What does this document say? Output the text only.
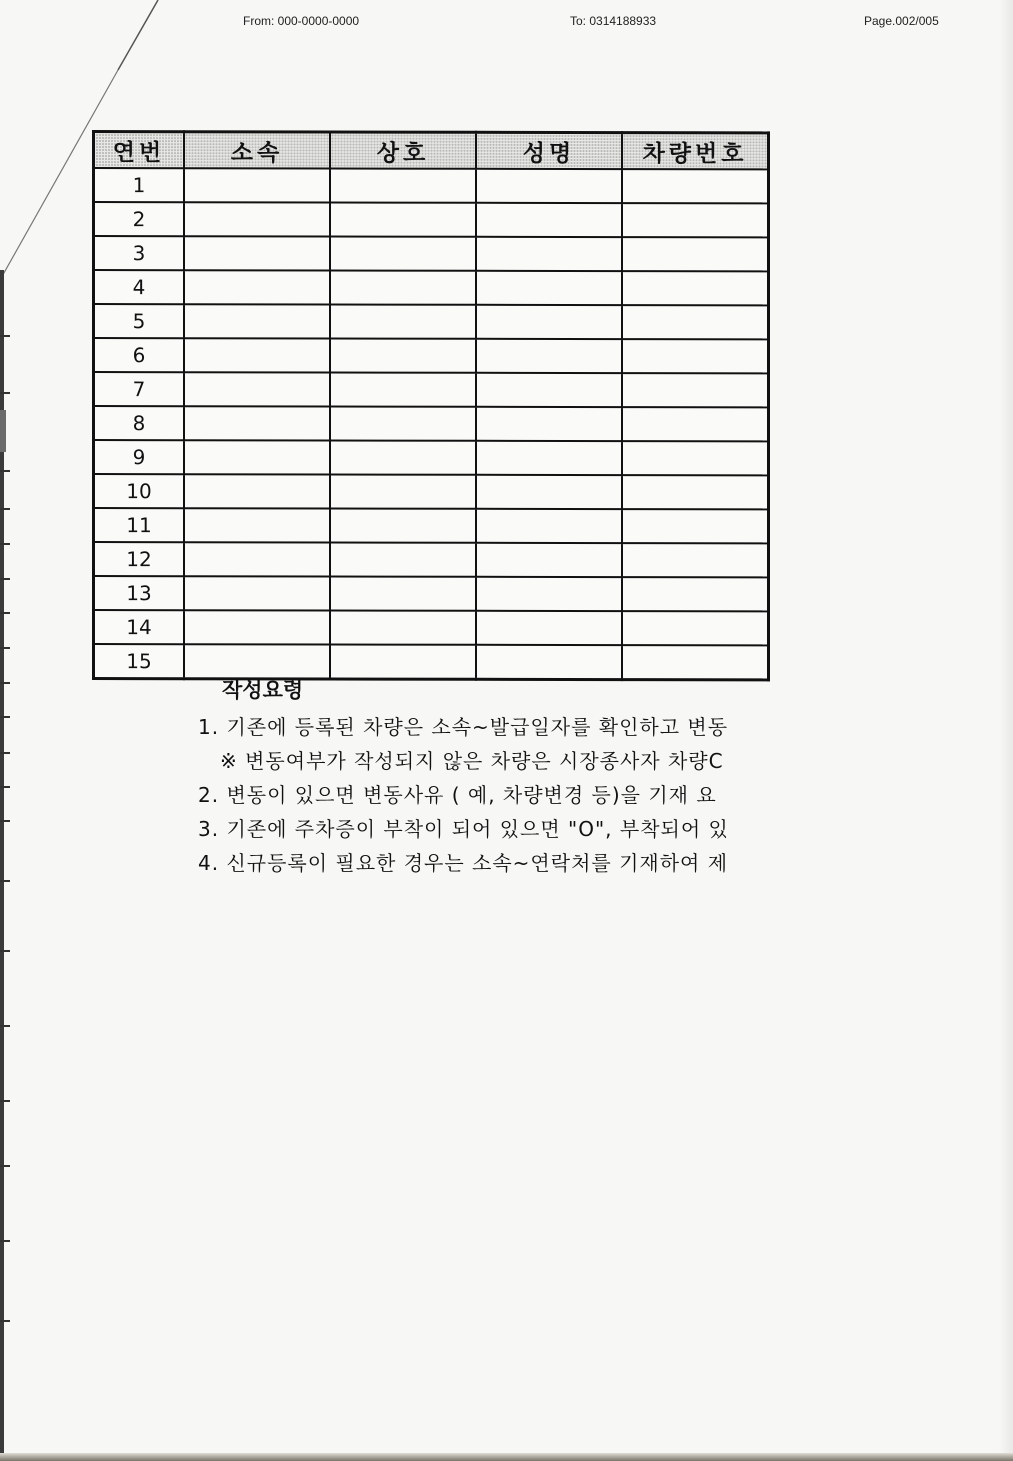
From: 000-0000-0000	To: 0314188933	Page.002/005
연번	소속	상호	성명	차량번호
1				
2				
3				
4				
5				
6				
7				
8				
9				
10				
11				
12				
13				
14				
15				
작성요령
1. 기존에 등록된 차량은 소속~발급일자를 확인하고 변동
※ 변동여부가 작성되지 않은 차량은 시장종사자 차량C
2. 변동이 있으면 변동사유 ( 예, 차량변경 등)을 기재 요
3. 기존에 주차증이 부착이 되어 있으면 "O", 부착되어 있
4. 신규등록이 필요한 경우는 소속~연락처를 기재하여 제
